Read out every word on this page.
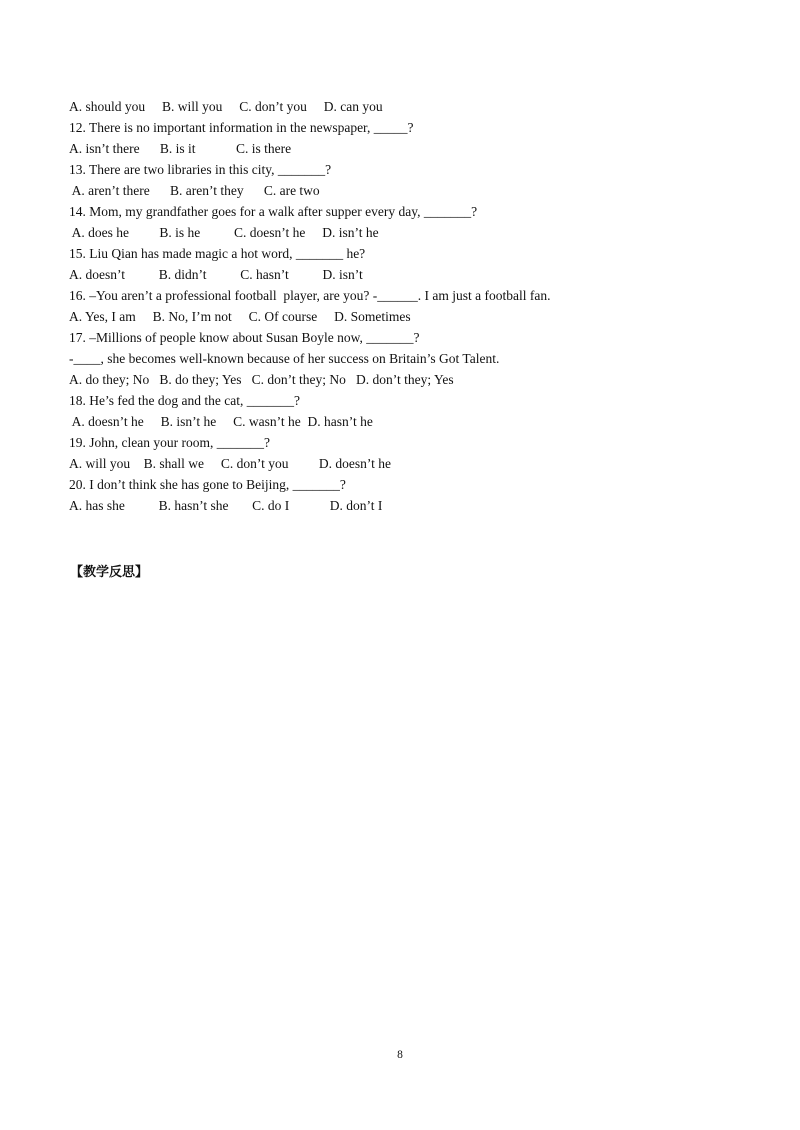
A. should you     B. will you     C. don’t you     D. can you
12. There is no important information in the newspaper, _____?
A. isn’t there      B. is it            C. is there
13. There are two libraries in this city, _______?
A. aren’t there      B. aren’t they      C. are two
14. Mom, my grandfather goes for a walk after supper every day, _______?
A. does he         B. is he          C. doesn’t he     D. isn’t he
15. Liu Qian has made magic a hot word, _______ he?
A. doesn’t          B. didn’t          C. hasn’t          D. isn’t
16. –You aren’t a professional football  player, are you? -______. I am just a football fan.
A. Yes, I am     B. No, I’m not     C. Of course     D. Sometimes
17. –Millions of people know about Susan Boyle now, _______?
-____, she becomes well-known because of her success on Britain’s Got Talent.
A. do they; No   B. do they; Yes   C. don’t they; No   D. don’t they; Yes
18. He’s fed the dog and the cat, _______?
A. doesn’t he     B. isn’t he     C. wasn’t he  D. hasn’t he
19. John, clean your room, _______?
A. will you    B. shall we     C. don’t you         D. doesn’t he
20. I don’t think she has gone to Beijing, _______?
A. has she          B. hasn’t she       C. do I            D. don’t I
【教学反思】
8
